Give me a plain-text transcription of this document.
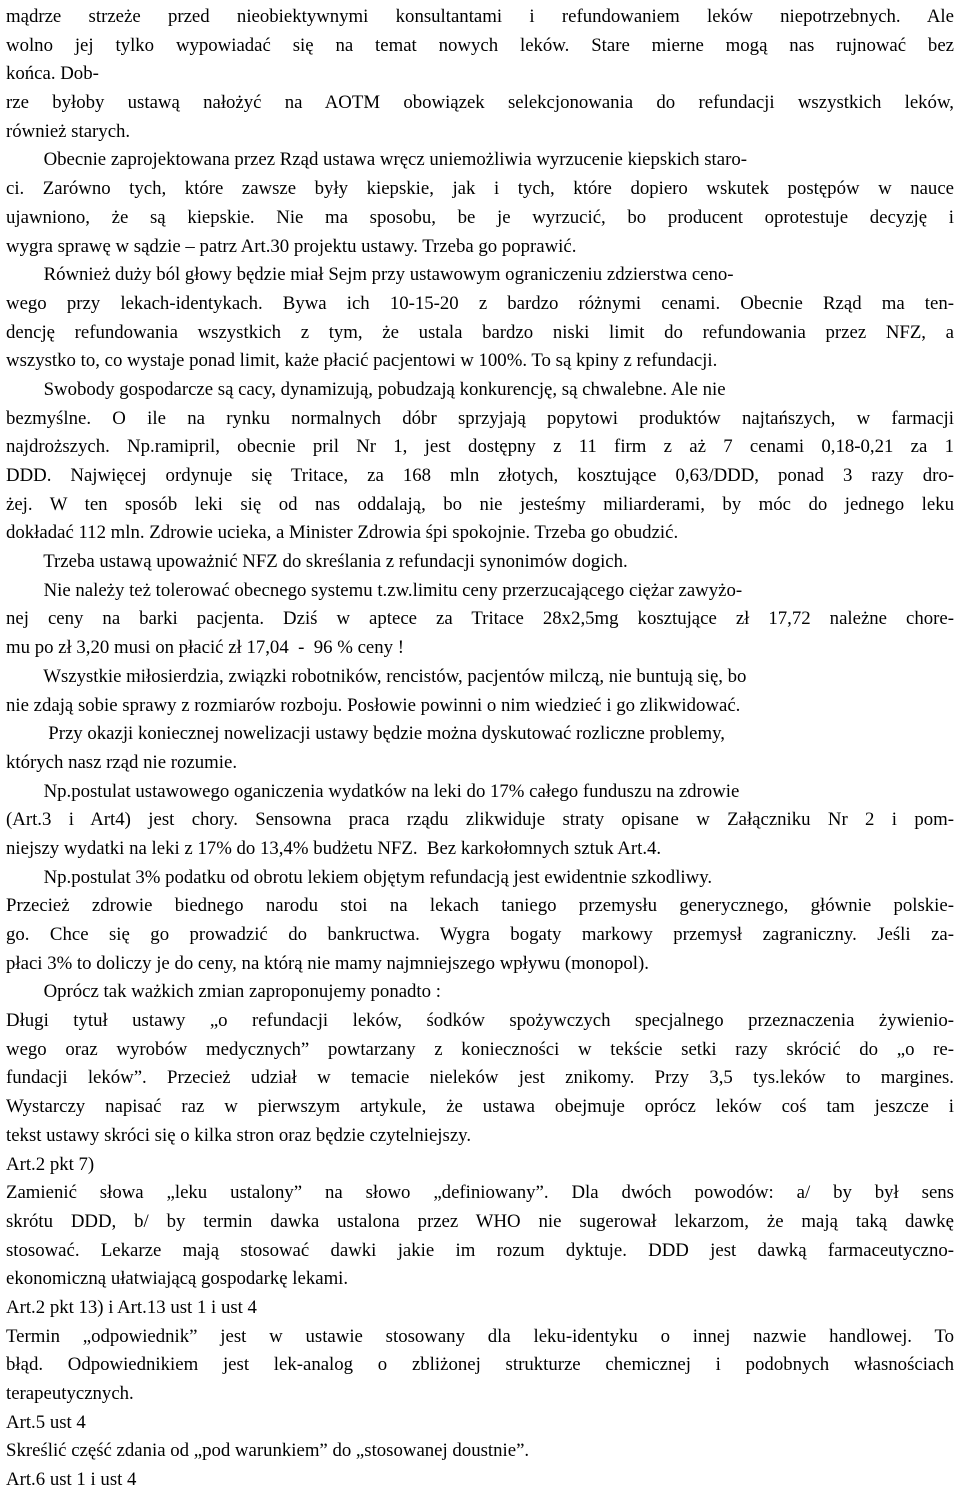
mądrze strzeże przed nieobiektywnymi konsultantami i refundowaniem leków niepotrzebnych. Ale
wolno jej tylko wypowiadać się na temat nowych leków. Stare mierne mogą nas rujnować bez
końca. Dob-
rze byłoby ustawą nałożyć na AOTM obowiązek selekcjonowania do refundacji wszystkich leków,
również starych.
Obecnie zaprojektowana przez Rząd ustawa wręcz uniemożliwia wyrzucenie kiepskich staro-
ci. Zarówno tych, które zawsze były kiepskie, jak i tych, które dopiero wskutek postępów w nauce
ujawniono, że są kiepskie. Nie ma sposobu, be je wyrzucić, bo producent oprotestuje decyzję i
wygra sprawę w sądzie – patrz Art.30 projektu ustawy. Trzeba go poprawić.
Również duży ból głowy będzie miał Sejm przy ustawowym ograniczeniu zdzierstwa ceno-
wego przy lekach-identykach. Bywa ich 10-15-20 z bardzo różnymi cenami. Obecnie Rząd ma ten-
dencję refundowania wszystkich z tym, że ustala bardzo niski limit do refundowania przez NFZ, a
wszystko to, co wystaje ponad limit, każe płacić pacjentowi w 100%. To są kpiny z refundacji.
Swobody gospodarcze są cacy, dynamizują, pobudzają konkurencję, są chwalebne. Ale nie
bezmyślne. O ile na rynku normalnych dóbr sprzyjają popytowi produktów najtańszych, w farmacji
najdroższych. Np.ramipril, obecnie pril Nr 1, jest dostępny z 11 firm z aż 7 cenami 0,18-0,21 za 1
DDD. Najwięcej ordynuje się Tritace, za 168 mln złotych, kosztujące 0,63/DDD, ponad 3 razy dro-
żej. W ten sposób leki się od nas oddalają, bo nie jesteśmy miliarderami, by móc do jednego leku
dokładać 112 mln. Zdrowie ucieka, a Minister Zdrowia śpi spokojnie. Trzeba go obudzić.
Trzeba ustawą upoważnić NFZ do skreślania z refundacji synonimów dogich.
Nie należy też tolerować obecnego systemu t.zw.limitu ceny przerzucającego ciężar zawyżo-
nej ceny na barki pacjenta. Dziś w aptece za Tritace 28x2,5mg kosztujące zł 17,72 należne chore-
mu po zł 3,20 musi on płacić zł 17,04  -  96 % ceny !
Wszystkie miłosierdzia, związki robotników, rencistów, pacjentów milczą, nie buntują się, bo
nie zdają sobie sprawy z rozmiarów rozboju. Posłowie powinni o nim wiedzieć i go zlikwidować.
Przy okazji koniecznej nowelizacji ustawy będzie można dyskutować rozliczne problemy,
których nasz rząd nie rozumie.
Np.postulat ustawowego oganiczenia wydatków na leki do 17% całego funduszu na zdrowie
(Art.3 i Art4) jest chory. Sensowna praca rządu zlikwiduje straty opisane w Załączniku Nr 2 i pom-
niejszy wydatki na leki z 17% do 13,4% budżetu NFZ.  Bez karkołomnych sztuk Art.4.
Np.postulat 3% podatku od obrotu lekiem objętym refundacją jest ewidentnie szkodliwy.
Przecież zdrowie biednego narodu stoi na lekach taniego przemysłu generycznego, głównie polskie-
go. Chce się go prowadzić do bankructwa. Wygra bogaty markowy przemysł zagraniczny. Jeśli za-
płaci 3% to doliczy je do ceny, na którą nie mamy najmniejszego wpływu (monopol).
Oprócz tak ważkich zmian zaproponujemy ponadto :
Długi tytuł ustawy „o refundacji leków, śodków spożywczych specjalnego przeznaczenia żywienio-
wego oraz wyrobów medycznych” powtarzany z konieczności w tekście setki razy skrócić do „o re-
fundacji leków”. Przecież udział w temacie nieleków jest znikomy. Przy 3,5 tys.leków to margines.
Wystarczy napisać raz w pierwszym artykule, że ustawa obejmuje oprócz leków coś tam jeszcze i
tekst ustawy skróci się o kilka stron oraz będzie czytelniejszy.
Art.2 pkt 7)
Zamienić słowa „leku ustalony” na słowo „definiowany”. Dla dwóch powodów: a/ by był sens
skrótu DDD, b/ by termin dawka ustalona przez WHO nie sugerował lekarzom, że mają taką dawkę
stosować. Lekarze mają stosować dawki jakie im rozum dyktuje. DDD jest dawką farmaceutyczno-
ekonomiczną ułatwiającą gospodarkę lekami.
Art.2 pkt 13) i Art.13 ust 1 i ust 4
Termin „odpowiednik” jest w ustawie stosowany dla leku-identyku o innej nazwie handlowej. To
błąd. Odpowiednikiem jest lek-analog o zbliżonej strukturze chemicznej i podobnych własnościach
terapeutycznych.
Art.5 ust 4
Skreślić część zdania od „pod warunkiem” do „stosowanej doustnie”.
Art.6 ust 1 i ust 4
